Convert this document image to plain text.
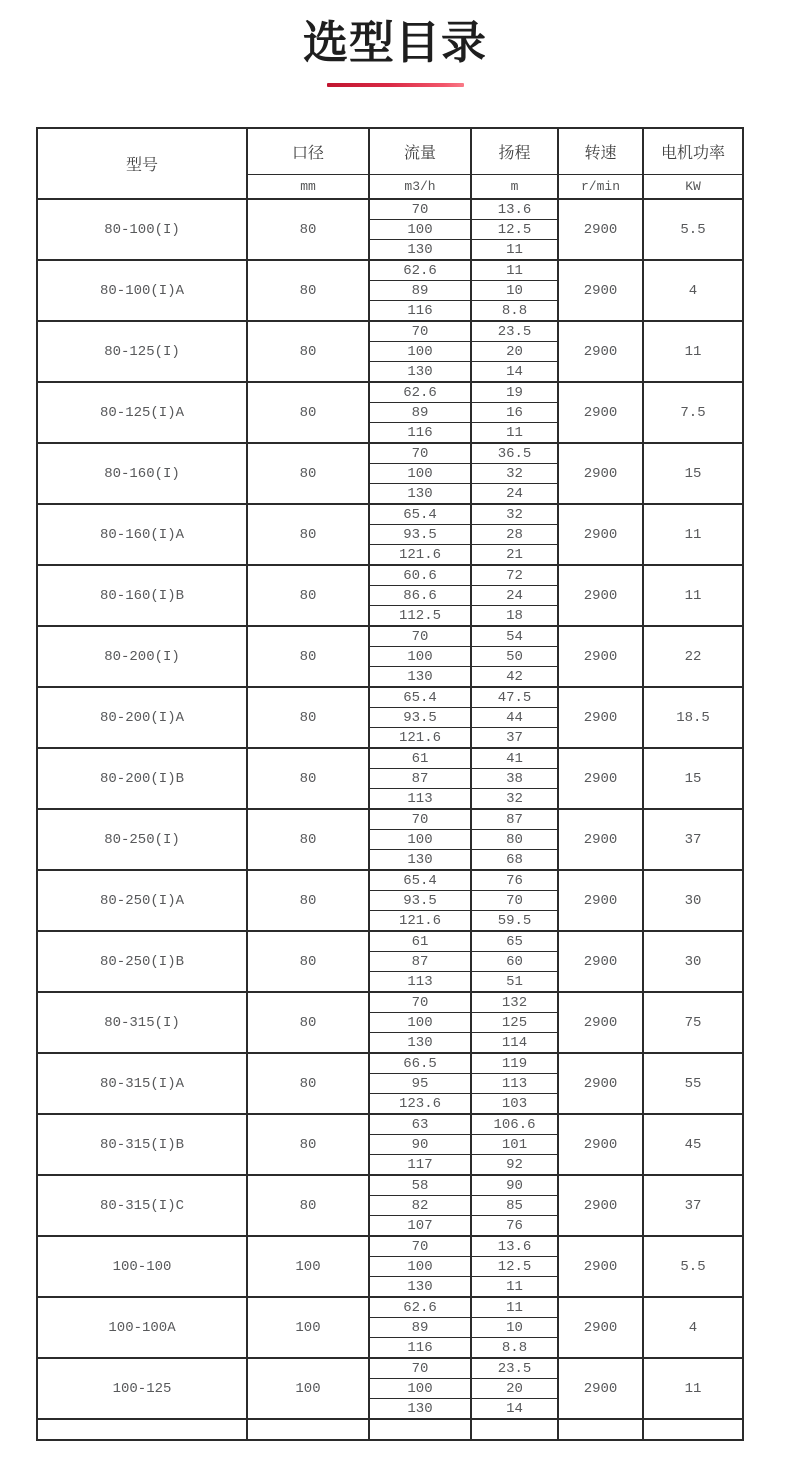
选型目录
型号	口径	流量	扬程	转速	电机功率
	mm	m3/h	m	r/min	KW
80-100(I)	80	70	13.6	2900	5.5
		100	12.5		
		130	11		
80-100(I)A	80	62.6	11	2900	4
		89	10		
		116	8.8		
80-125(I)	80	70	23.5	2900	11
		100	20		
		130	14		
80-125(I)A	80	62.6	19	2900	7.5
		89	16		
		116	11		
80-160(I)	80	70	36.5	2900	15
		100	32		
		130	24		
80-160(I)A	80	65.4	32	2900	11
		93.5	28		
		121.6	21		
80-160(I)B	80	60.6	72	2900	11
		86.6	24		
		112.5	18		
80-200(I)	80	70	54	2900	22
		100	50		
		130	42		
80-200(I)A	80	65.4	47.5	2900	18.5
		93.5	44		
		121.6	37		
80-200(I)B	80	61	41	2900	15
		87	38		
		113	32		
80-250(I)	80	70	87	2900	37
		100	80		
		130	68		
80-250(I)A	80	65.4	76	2900	30
		93.5	70		
		121.6	59.5		
80-250(I)B	80	61	65	2900	30
		87	60		
		113	51		
80-315(I)	80	70	132	2900	75
		100	125		
		130	114		
80-315(I)A	80	66.5	119	2900	55
		95	113		
		123.6	103		
80-315(I)B	80	63	106.6	2900	45
		90	101		
		117	92		
80-315(I)C	80	58	90	2900	37
		82	85		
		107	76		
100-100	100	70	13.6	2900	5.5
		100	12.5		
		130	11		
100-100A	100	62.6	11	2900	4
		89	10		
		116	8.8		
100-125	100	70	23.5	2900	11
		100	20		
		130	14		
